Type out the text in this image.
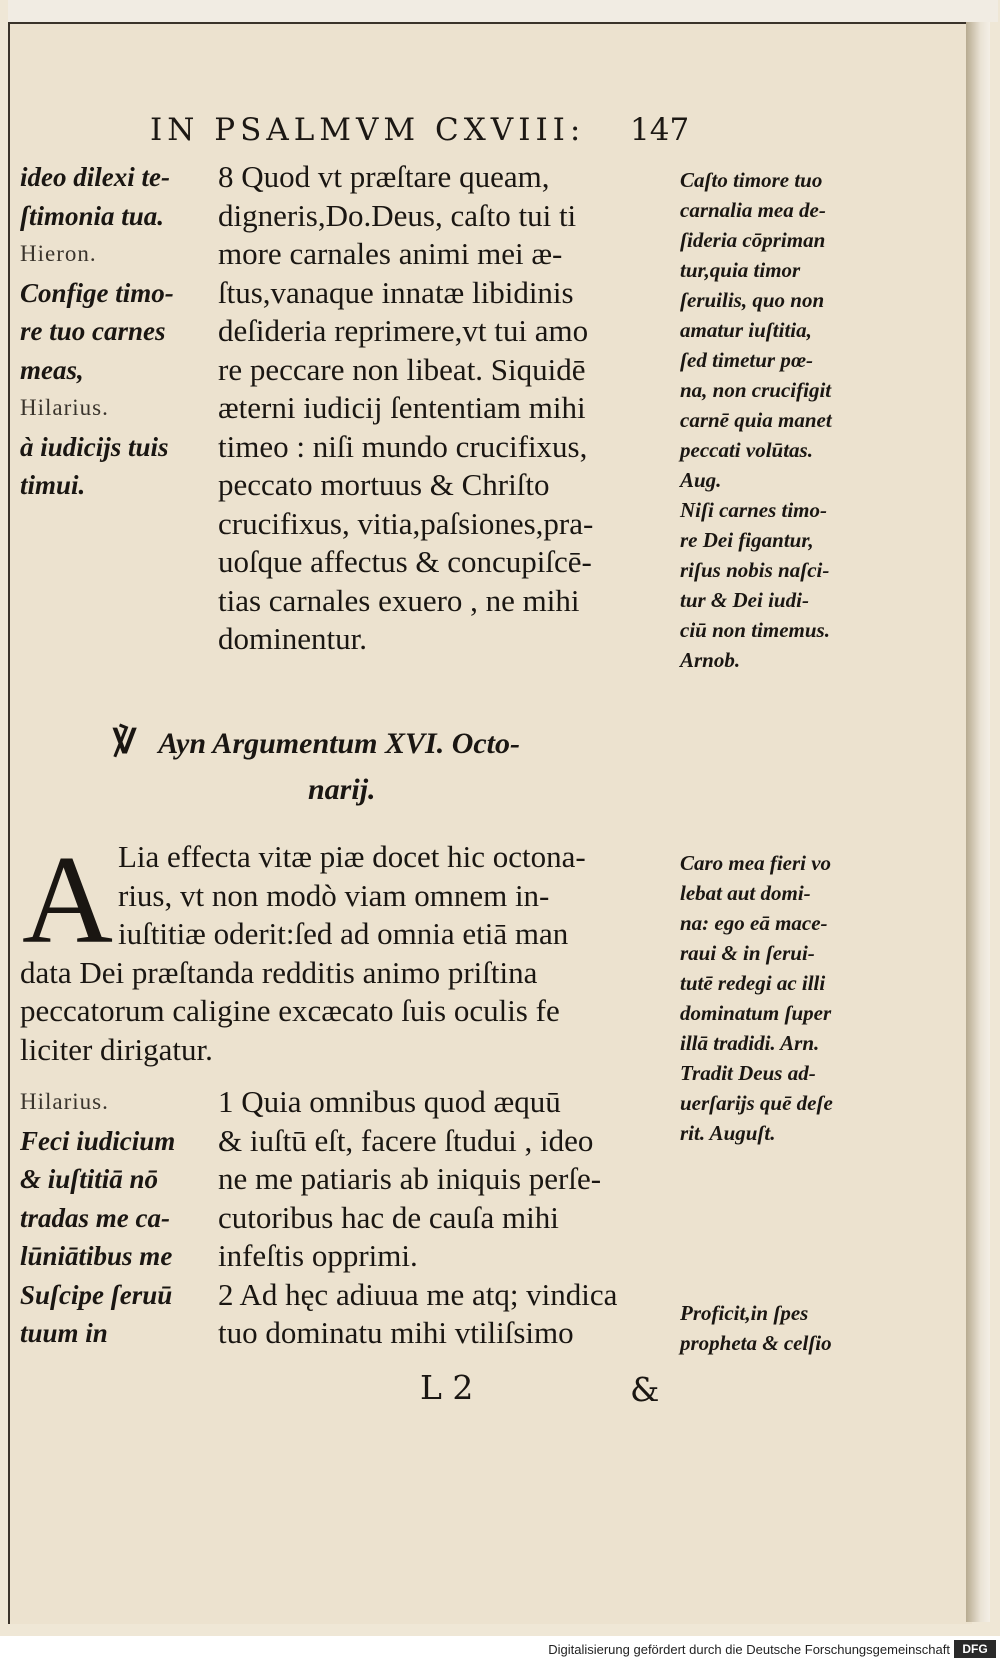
IN PSALMVM CXVIII: 147
ideo dilexi te-
ſtimonia tua.
Hieron.
Confige timo-
re tuo carnes
meas,
Hilarius.
à iudicijs tuis
timui.
8 Quod vt præſtare queam,
digneris,Do.Deus, caſto tui ti
more carnales animi mei æ-
ſtus,vanaque innatæ libidinis
deſideria reprimere,vt tui amo
re peccare non libeat. Siquidē
æterni iudicij ſententiam mihi
timeo : niſi mundo crucifixus,
peccato mortuus & Chriſto
crucifixus, vitia,paſsiones,pra-
uoſque affectus & concupiſcē-
tias carnales exuero , ne mihi
dominentur.
Caſto timore tuo
carnalia mea de-
ſideria cōpriman
tur,quia timor
ſeruilis, quo non
amatur iuſtitia,
ſed timetur pœ-
na, non crucifigit
carnē quia manet
peccati volūtas.
Aug.
Niſi carnes timo-
re Dei figantur,
riſus nobis naſci-
tur & Dei iudi-
ciū non timemus.
Arnob.
℣ Ayn Argumentum XVI. Octo-
narij.
A Lia effecta vitæ piæ docet hic octona-
rius, vt non modò viam omnem in-
iuſtitiæ oderit:ſed ad omnia etiā man
data Dei præſtanda redditis animo priſtina
peccatorum caligine excæcato ſuis oculis fe
liciter dirigatur.
Caro mea fieri vo
lebat aut domi-
na: ego eā mace-
raui & in ſerui-
tutē redegi ac illi
dominatum ſuper
illā tradidi. Arn.
Tradit Deus ad-
uerſarijs quē deſe
rit. Auguſt.
Hilarius.
Feci iudicium
& iuſtitiā nō
tradas me ca-
lūniātibus me
Suſcipe ſeruū
tuum in
1 Quia omnibus quod æquū
& iuſtū eſt, facere ſtudui , ideo
ne me patiaris ab iniquis perſe-
cutoribus hac de cauſa mihi
infeſtis opprimi.
2 Ad hęc adiuua me atq; vindica
tuo dominatu mihi vtiliſsimo
Proficit,in ſpes
propheta & celſio
L 2	&
Digitalisierung gefördert durch die Deutsche Forschungsgemeinschaft	DFG
